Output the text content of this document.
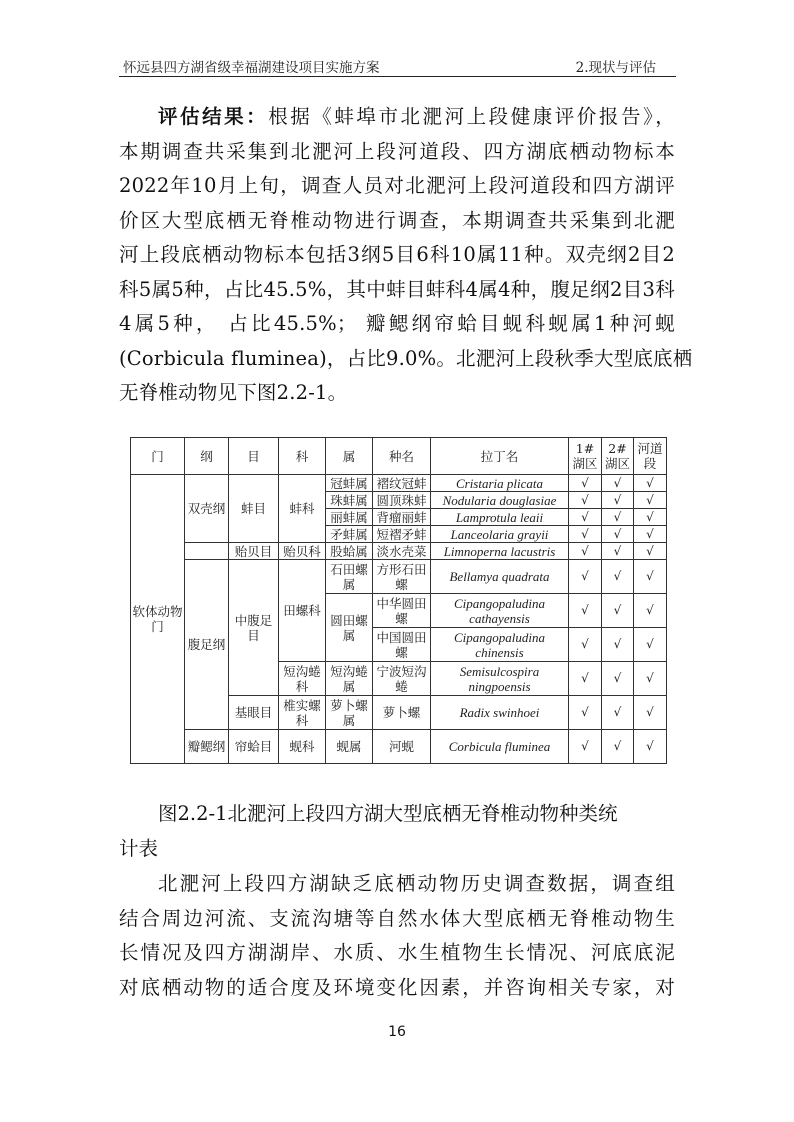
怀远县四方湖省级幸福湖建设项目实施方案	2.现状与评估
评估结果：根据《蚌埠市北淝河上段健康评价报告》，
本期调查共采集到北淝河上段河道段、四方湖底栖动物标本
2022年10月上旬，调查人员对北淝河上段河道段和四方湖评
价区大型底栖无脊椎动物进行调查，本期调查共采集到北淝
河上段底栖动物标本包括3纲5目6科10属11种。双壳纲2目2
科5属5种，占比45.5%，其中蚌目蚌科4属4种，腹足纲2目3科
4属5种， 占比45.5%； 瓣鳃纲帘蛤目蚬科蚬属1种河蚬
(Corbicula fluminea)，占比9.0%。北淝河上段秋季大型底底栖
无脊椎动物见下图2.2-1。
门	纲	目	科	属	种名	拉丁名	1#湖区	2#湖区	河道段
软体动物门	双壳纲	蚌目	蚌科	冠蚌属	褶纹冠蚌	Cristaria plicata	√	√	√
				珠蚌属	圆顶珠蚌	Nodularia douglasiae	√	√	√
				丽蚌属	背瘤丽蚌	Lamprotula leaii	√	√	√
				矛蚌属	短褶矛蚌	Lanceolaria grayii	√	√	√
		贻贝目	贻贝科	股蛤属	淡水壳菜	Limnoperna lacustris	√	√	√
	腹足纲	中腹足目	田螺科	石田螺属	方形石田螺	Bellamya quadrata	√	√	√
				圆田螺属	中华圆田螺	Cipangopaludina cathayensis	√	√	√
					中国圆田螺	Cipangopaludina chinensis	√	√	√
			短沟蜷科	短沟蜷属	宁波短沟蜷	Semisulcospira ningpoensis	√	√	√
		基眼目	椎实螺科	萝卜螺属	萝卜螺	Radix swinhoei	√	√	√
	瓣鳃纲	帘蛤目	蚬科	蚬属	河蚬	Corbicula fluminea	√	√	√
图2.2-1北淝河上段四方湖大型底栖无脊椎动物种类统
计表
北淝河上段四方湖缺乏底栖动物历史调查数据，调查组
结合周边河流、支流沟塘等自然水体大型底栖无脊椎动物生
长情况及四方湖湖岸、水质、水生植物生长情况、河底底泥
对底栖动物的适合度及环境变化因素，并咨询相关专家，对
16
